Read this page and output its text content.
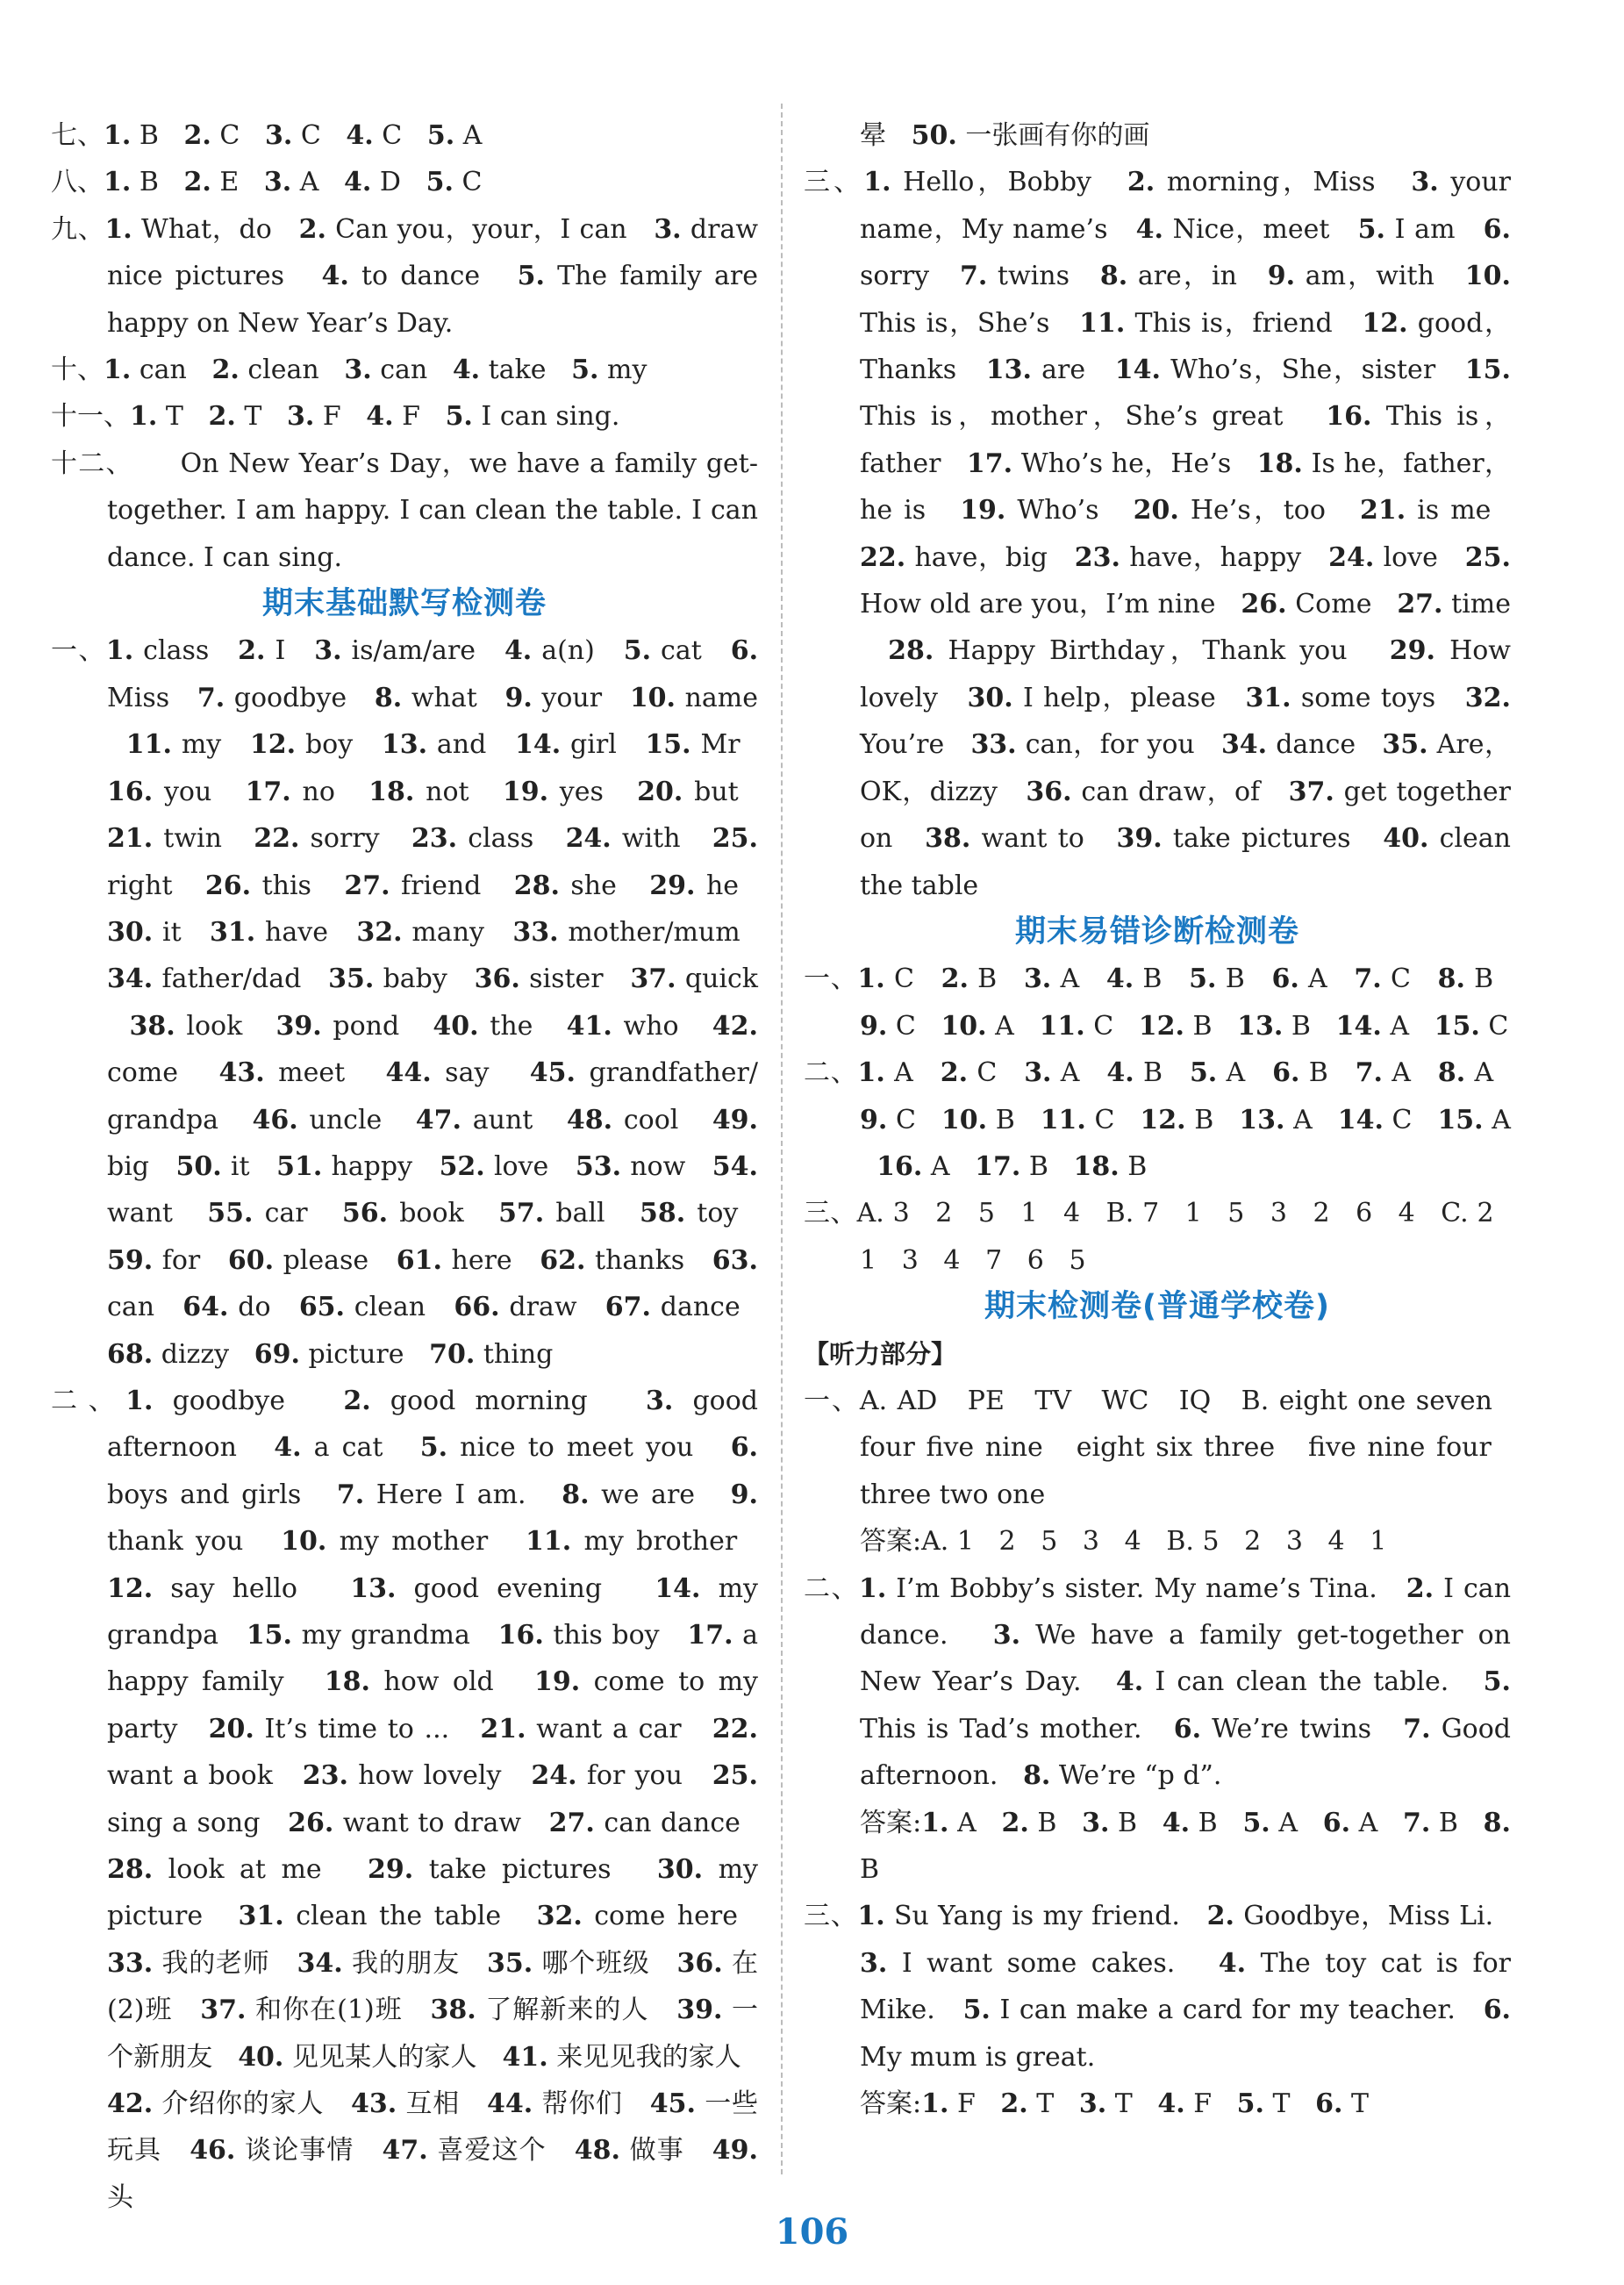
七、1. B   2. C   3. C   4. C   5. A
八、1. B   2. E   3. A   4. D   5. C
九、1. What，do   2. Can you，your，I can   3. draw nice pictures   4. to dance   5. The family are happy on New Year’s Day.
十、1. can   2. clean   3. can   4. take   5. my
十一、1. T   2. T   3. F   4. F   5. I can sing.
十二、     On New Year’s Day，we have a family get-together. I am happy. I can clean the table. I can dance. I can sing.
期末基础默写检测卷
一、1. class   2. I   3. is/am/are   4. a(n)   5. cat   6. Miss   7. goodbye   8. what   9. your   10. name   11. my   12. boy   13. and   14. girl   15. Mr   16. you   17. no   18. not   19. yes   20. but   21. twin   22. sorry   23. class   24. with   25. right   26. this   27. friend   28. she   29. he   30. it   31. have   32. many   33. mother/mum   34. father/dad   35. baby   36. sister   37. quick   38. look   39. pond   40. the   41. who   42. come   43. meet   44. say   45. grandfather/ grandpa   46. uncle   47. aunt   48. cool   49. big   50. it   51. happy   52. love   53. now   54. want   55. car   56. book   57. ball   58. toy   59. for   60. please   61. here   62. thanks   63. can   64. do   65. clean   66. draw   67. dance   68. dizzy   69. picture   70. thing
二、1. goodbye   2. good morning   3. good afternoon   4. a cat   5. nice to meet you   6. boys and girls   7. Here I am.   8. we are   9. thank you   10. my mother   11. my brother   12. say hello   13. good evening   14. my grandpa   15. my grandma   16. this boy   17. a happy family   18. how old   19. come to my party   20. It’s time to ...   21. want a car   22. want a book   23. how lovely   24. for you   25. sing a song   26. want to draw   27. can dance   28. look at me   29. take pictures   30. my picture   31. clean the table   32. come here   33. 我的老师   34. 我的朋友   35. 哪个班级   36. 在(2)班   37. 和你在(1)班   38. 了解新来的人   39. 一个新朋友   40. 见见某人的家人   41. 来见见我的家人   42. 介绍你的家人   43. 互相   44. 帮你们   45. 一些玩具   46. 谈论事情   47. 喜爱这个   48. 做事   49. 头
晕   50. 一张画有你的画
三、1. Hello，Bobby   2. morning，Miss   3. your name，My name’s   4. Nice，meet   5. I am   6. sorry   7. twins   8. are，in   9. am，with   10. This is，She’s   11. This is，friend   12. good，Thanks   13. are   14. Who’s，She，sister   15. This is，mother，She’s great   16. This is，father   17. Who’s he，He’s   18. Is he，father，he is   19. Who’s   20. He’s，too   21. is me   22. have，big   23. have，happy   24. love   25. How old are you，I’m nine   26. Come   27. time   28. Happy Birthday，Thank you   29. How lovely   30. I help，please   31. some toys   32. You’re   33. can，for you   34. dance   35. Are，OK，dizzy   36. can draw，of   37. get together on   38. want to   39. take pictures   40. clean the table
期末易错诊断检测卷
一、1. C   2. B   3. A   4. B   5. B   6. A   7. C   8. B   9. C   10. A   11. C   12. B   13. B   14. A   15. C
二、1. A   2. C   3. A   4. B   5. A   6. B   7. A   8. A   9. C   10. B   11. C   12. B   13. A   14. C   15. A   16. A   17. B   18. B
三、A. 3   2   5   1   4   B. 7   1   5   3   2   6   4   C. 2   1   3   4   7   6   5
期末检测卷(普通学校卷)
【听力部分】
一、A. AD   PE   TV   WC   IQ   B. eight one seven   four five nine   eight six three   five nine four   three two one
答案:A. 1   2   5   3   4   B. 5   2   3   4   1
二、1. I’m Bobby’s sister. My name’s Tina.   2. I can dance.   3. We have a family get-together on New Year’s Day.   4. I can clean the table.   5. This is Tad’s mother.   6. We’re twins   7. Good afternoon.   8. We’re “p d”.
答案:1. A   2. B   3. B   4. B   5. A   6. A   7. B   8. B
三、1. Su Yang is my friend.   2. Goodbye，Miss Li.   3. I want some cakes.   4. The toy cat is for Mike.   5. I can make a card for my teacher.   6. My mum is great.
答案:1. F   2. T   3. T   4. F   5. T   6. T
106
